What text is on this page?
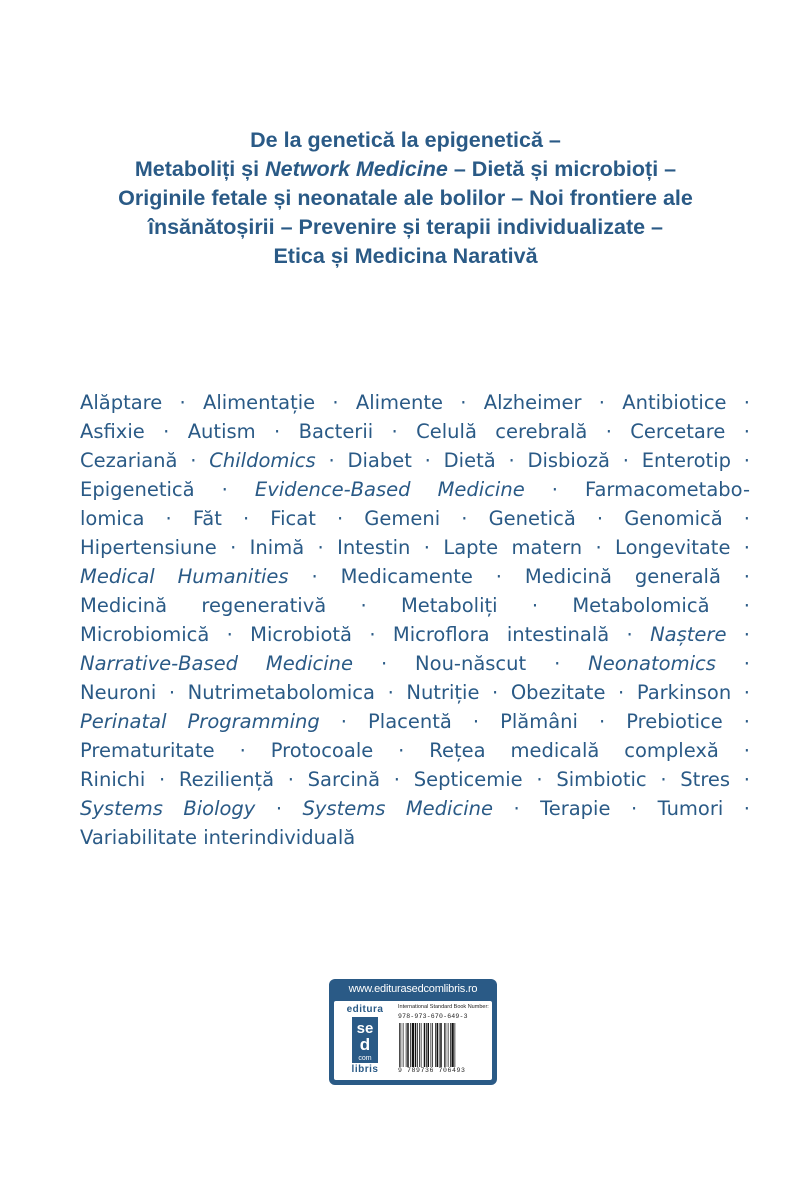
De la genetică la epigenetică –
Metaboliți și Network Medicine – Dietă și microbioți –
Originile fetale și neonatale ale bolilor – Noi frontiere ale
însănătoșirii – Prevenire și terapii individualizate –
Etica și Medicina Narativă
Alăptare · Alimentație · Alimente · Alzheimer · Antibiotice ·
Asfixie · Autism · Bacterii · Celulă cerebrală · Cercetare ·
Cezariană · Childomics · Diabet · Dietă · Disbioză · Enterotip ·
Epigenetică · Evidence-Based Medicine · Farmacometabo-
lomica · Făt · Ficat · Gemeni · Genetică · Genomică ·
Hipertensiune · Inimă · Intestin · Lapte matern · Longevitate ·
Medical Humanities · Medicamente · Medicină generală ·
Medicină regenerativă · Metaboliți · Metabolomică ·
Microbiomică · Microbiotă · Microflora intestinală · Naștere ·
Narrative-Based Medicine · Nou-născut · Neonatomics ·
Neuroni · Nutrimetabolomica · Nutriție · Obezitate · Parkinson ·
Perinatal Programming · Placentă · Plămâni · Prebiotice ·
Prematuritate · Protocoale · Rețea medicală complexă ·
Rinichi · Reziliență · Sarcină · Septicemie · Simbiotic · Stres ·
Systems Biology · Systems Medicine · Terapie · Tumori ·
Variabilitate interindividuală
www.editurasedcomlibris.ro
editura
se
d
com
libris
International Standard Book Number:
978-973-670-649-3
9 789736 706493
